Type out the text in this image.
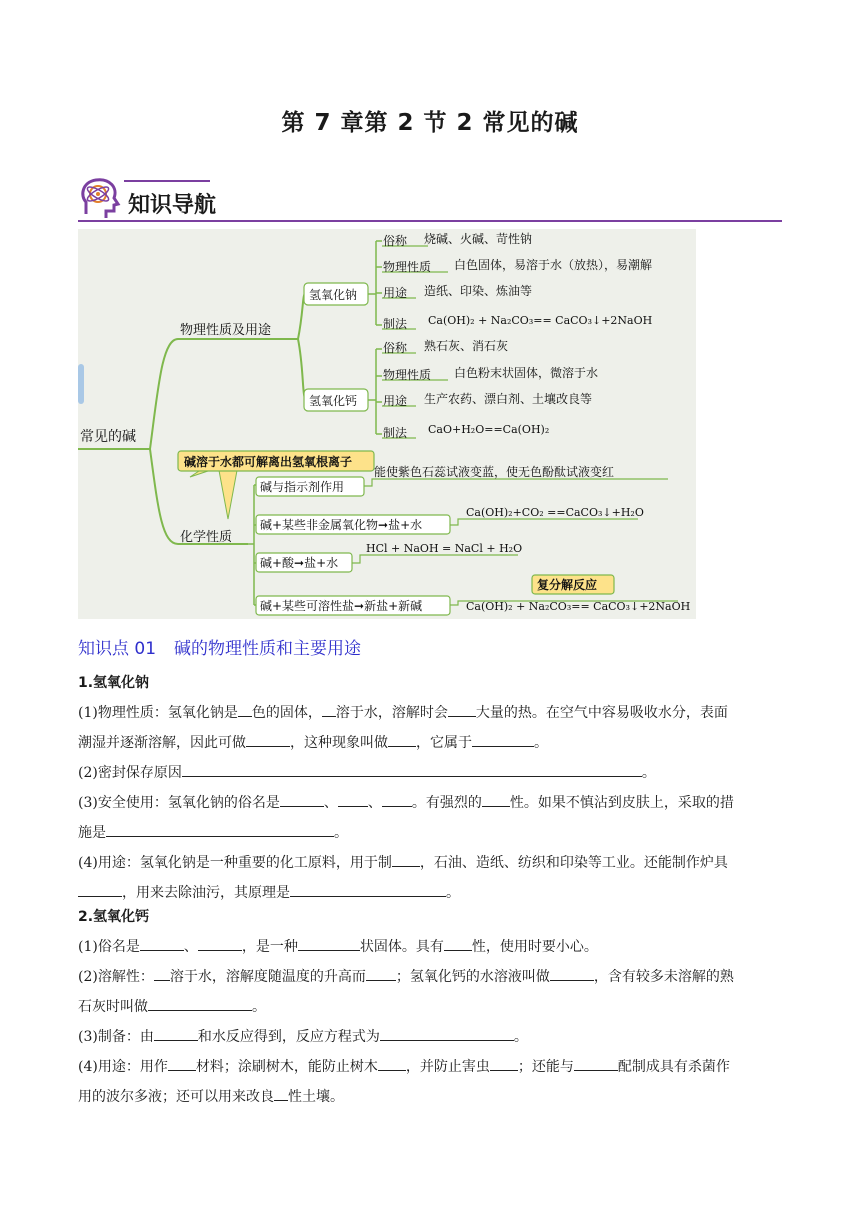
第 7 章第 2 节 2 常见的碱
知识导航
常见的碱
物理性质及用途
化学性质
氢氧化钠
氢氧化钙
俗称 烧碱、火碱、苛性钠
物理性质 白色固体，易溶于水（放热），易潮解
用途 造纸、印染、炼油等
制法 Ca(OH)₂ + Na₂CO₃== CaCO₃↓+2NaOH
俗称 熟石灰、消石灰
物理性质 白色粉末状固体，微溶于水
用途 生产农药、漂白剂、土壤改良等
制法 CaO+H₂O==Ca(OH)₂
碱溶于水都可解离出氢氧根离子
碱与指示剂作用
能使紫色石蕊试液变蓝，使无色酚酞试液变红
碱+某些非金属氧化物➞盐+水
Ca(OH)₂+CO₂ ==CaCO₃↓+H₂O
碱+酸➞盐+水
HCl + NaOH = NaCl + H₂O
复分解反应
碱+某些可溶性盐➞新盐+新碱	Ca(OH)₂ + Na₂CO₃== CaCO₃↓+2NaOH
知识点 01 碱的物理性质和主要用途
1.氢氧化钠
(1)物理性质：氢氧化钠是 色的固体， 溶于水，溶解时会 大量的热。在空气中容易吸收水分，表面
潮湿并逐渐溶解，因此可做	，这种现象叫做 ，它属于	。
(2)密封保存原因	。
(3)安全使用：氢氧化钠的俗名是	、 、 。有强烈的 性。如果不慎沾到皮肤上，采取的措
施是	。
(4)用途：氢氧化钠是一种重要的化工原料，用于制 ，石油、造纸、纺织和印染等工业。还能制作炉具
，用来去除油污，其原理是	。
2.氢氧化钙
(1)俗名是	、	，是一种	状固体。具有 性，使用时要小心。
(2)溶解性： 溶于水，溶解度随温度的升高而 ；氢氧化钙的水溶液叫做	，含有较多未溶解的熟
石灰时叫做	。
(3)制备：由	和水反应得到，反应方程式为	。
(4)用途：用作 材料；涂刷树木，能防止树木 ，并防止害虫 ；还能与	配制成具有杀菌作
用的波尔多液；还可以用来改良 性土壤。
